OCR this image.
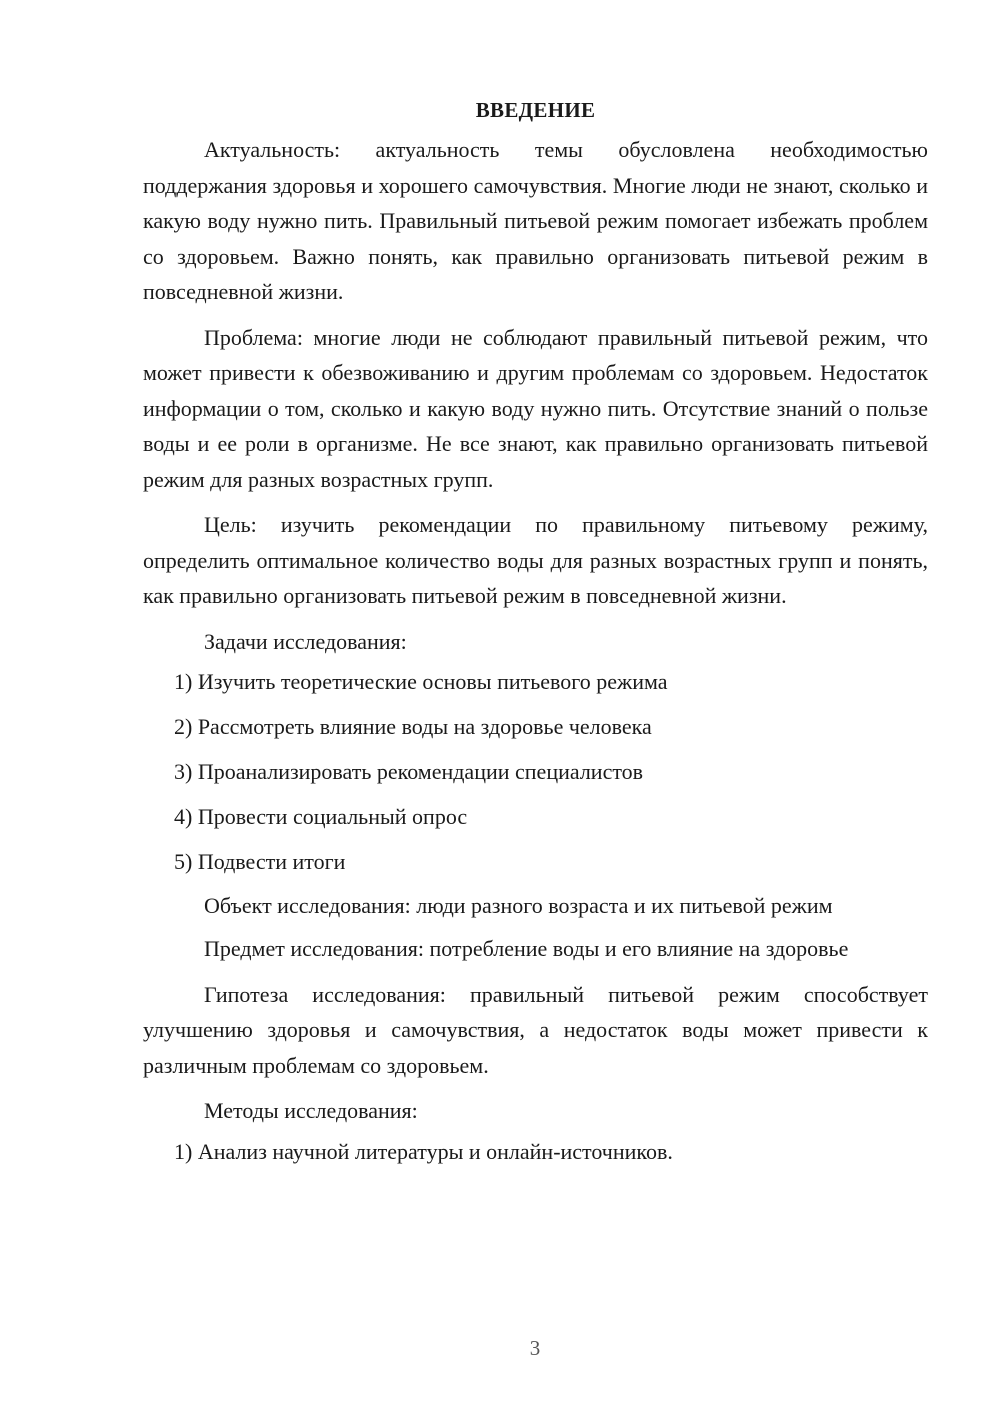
ВВЕДЕНИЕ

Актуальность: актуальность темы обусловлена необходимостью поддержания здоровья и хорошего самочувствия. Многие люди не знают, сколько и какую воду нужно пить. Правильный питьевой режим помогает избежать проблем со здоровьем. Важно понять, как правильно организовать питьевой режим в повседневной жизни.

Проблема: многие люди не соблюдают правильный питьевой режим, что может привести к обезвоживанию и другим проблемам со здоровьем. Недостаток информации о том, сколько и какую воду нужно пить. Отсутствие знаний о пользе воды и ее роли в организме. Не все знают, как правильно организовать питьевой режим для разных возрастных групп.

Цель: изучить рекомендации по правильному питьевому режиму, определить оптимальное количество воды для разных возрастных групп и понять, как правильно организовать питьевой режим в повседневной жизни.

Задачи исследования:

1) Изучить теоретические основы питьевого режима
2) Рассмотреть влияние воды на здоровье человека
3) Проанализировать рекомендации специалистов
4) Провести социальный опрос
5) Подвести итоги

Объект исследования: люди разного возраста и их питьевой режим

Предмет исследования: потребление воды и его влияние на здоровье

Гипотеза исследования: правильный питьевой режим способствует улучшению здоровья и самочувствия, а недостаток воды может привести к различным проблемам со здоровьем.

Методы исследования:

1) Анализ научной литературы и онлайн-источников.
3
